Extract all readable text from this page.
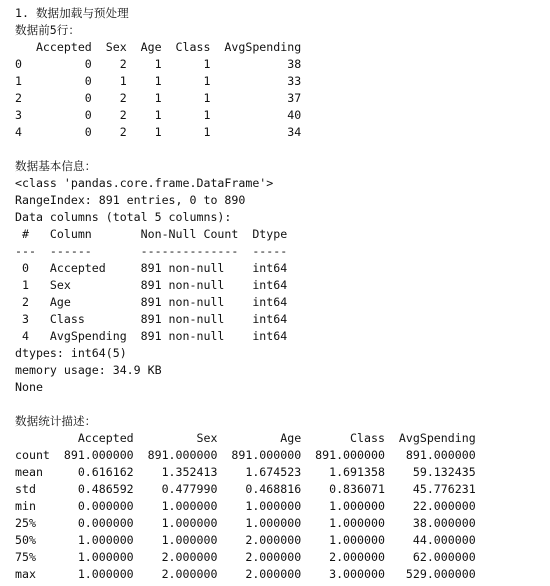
1. 数据加载与预处理
数据前5行：
Accepted  Sex  Age  Class  AvgSpending
0         0    2    1      1           38
1         0    1    1      1           33
2         0    2    1      1           37
3         0    2    1      1           40
4         0    2    1      1           34
数据基本信息：
<class 'pandas.core.frame.DataFrame'>
RangeIndex: 891 entries, 0 to 890
Data columns (total 5 columns):
#   Column       Non-Null Count  Dtype
---  ------       --------------  -----
0   Accepted     891 non-null    int64
1   Sex          891 non-null    int64
2   Age          891 non-null    int64
3   Class        891 non-null    int64
4   AvgSpending  891 non-null    int64
dtypes: int64(5)
memory usage: 34.9 KB
None
数据统计描述：
Accepted         Sex         Age       Class  AvgSpending
count  891.000000  891.000000  891.000000  891.000000   891.000000
mean     0.616162    1.352413    1.674523    1.691358    59.132435
std      0.486592    0.477990    0.468816    0.836071    45.776231
min      0.000000    1.000000    1.000000    1.000000    22.000000
25%      0.000000    1.000000    1.000000    1.000000    38.000000
50%      1.000000    1.000000    2.000000    1.000000    44.000000
75%      1.000000    2.000000    2.000000    2.000000    62.000000
max      1.000000    2.000000    2.000000    3.000000   529.000000
